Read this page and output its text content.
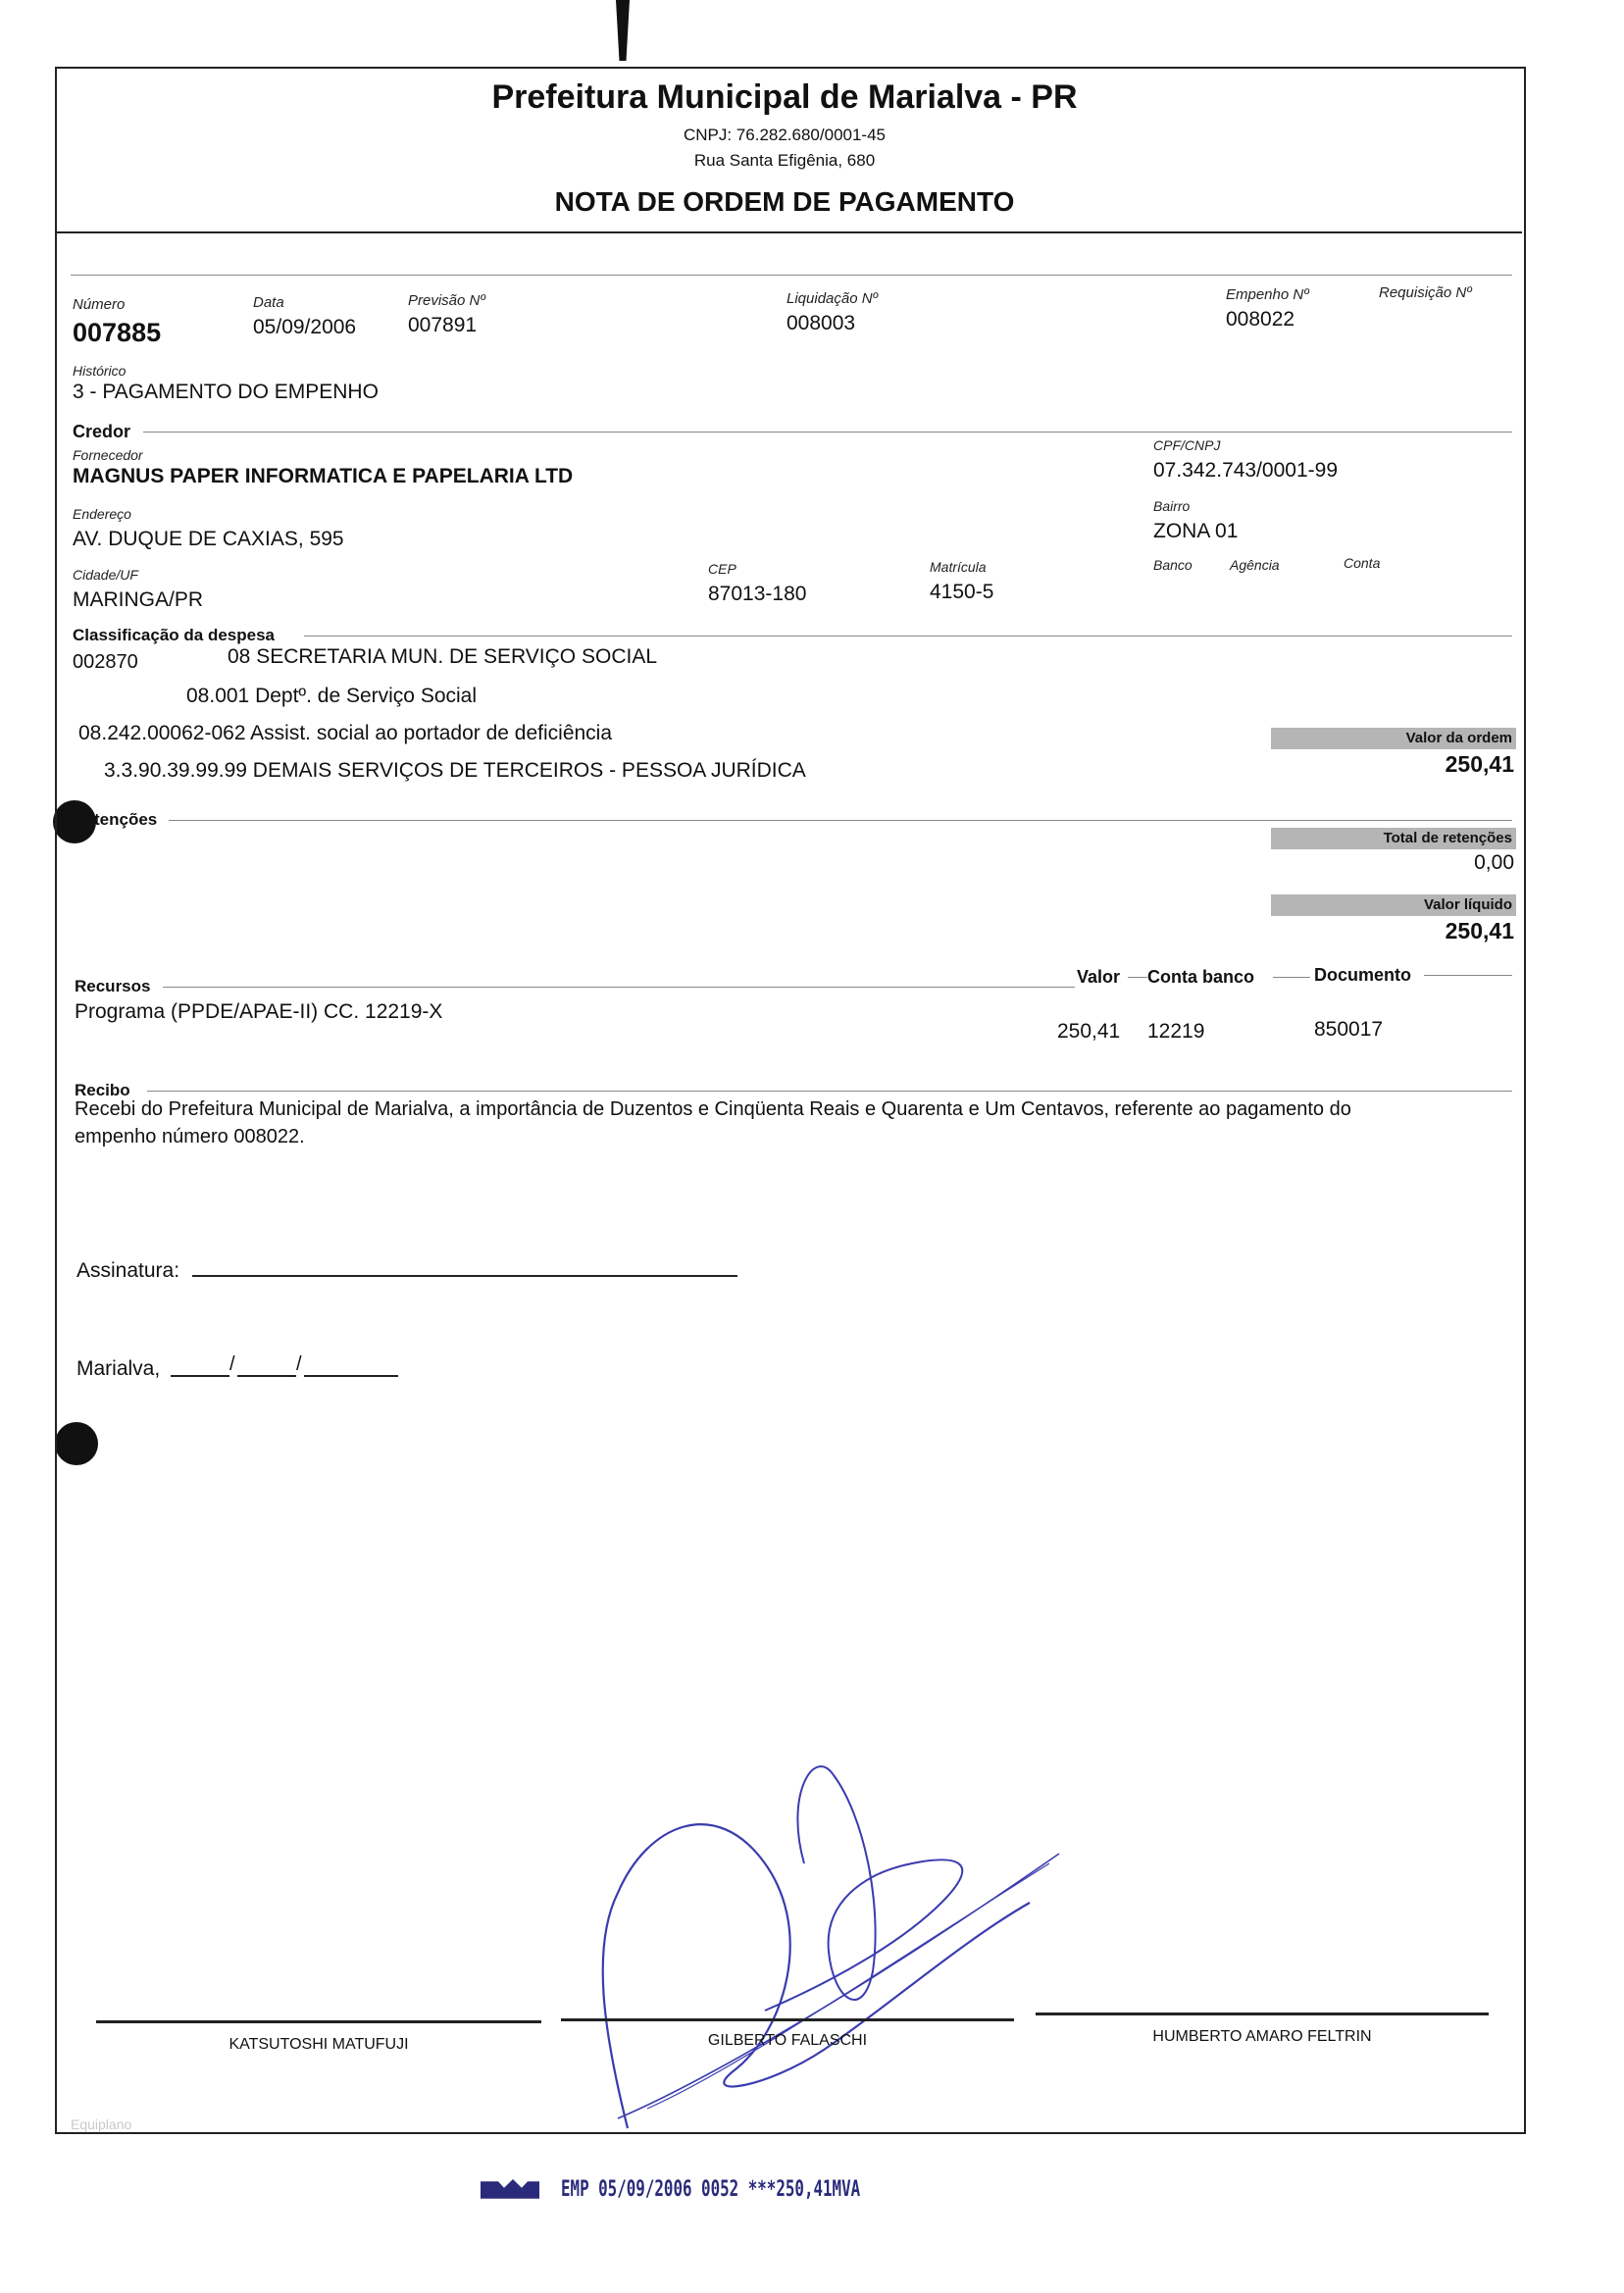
Prefeitura Municipal de Marialva - PR
CNPJ: 76.282.680/0001-45
Rua Santa Efigênia, 680
NOTA DE ORDEM DE PAGAMENTO
Número
007885
Data
05/09/2006
Previsão Nº
007891
Liquidação Nº
008003
Empenho Nº
008022
Requisição Nº
Histórico
3 - PAGAMENTO DO EMPENHO
Credor
Fornecedor
MAGNUS PAPER INFORMATICA E PAPELARIA LTD
CPF/CNPJ
07.342.743/0001-99
Endereço
AV. DUQUE DE CAXIAS, 595
Bairro
ZONA 01
Cidade/UF
MARINGA/PR
CEP
87013-180
Matrícula
4150-5
Banco	Agência	Conta
Classificação da despesa
002870	08 SECRETARIA MUN. DE SERVIÇO SOCIAL
08.001 Deptº. de Serviço Social
08.242.00062-062 Assist. social ao portador de deficiência
3.3.90.39.99.99 DEMAIS SERVIÇOS DE TERCEIROS - PESSOA JURÍDICA
Valor da ordem
250,41
tenções
Total de retenções
0,00
Valor líquido
250,41
Recursos	Valor Conta banco	Documento
Programa (PPDE/APAE-II) CC. 12219-X
250,41 12219	850017
Recibo
Recebi do Prefeitura Municipal de Marialva, a importância de Duzentos e Cinqüenta Reais e Quarenta e Um Centavos, referente ao pagamento do
empenho número 008022.
Assinatura:
Marialva,	/	/
KATSUTOSHI MATUFUJI	GILBERTO FALASCHI	HUMBERTO AMARO FELTRIN
Equiplano
EMP 05/09/2006 0052 ***250,41MVA
